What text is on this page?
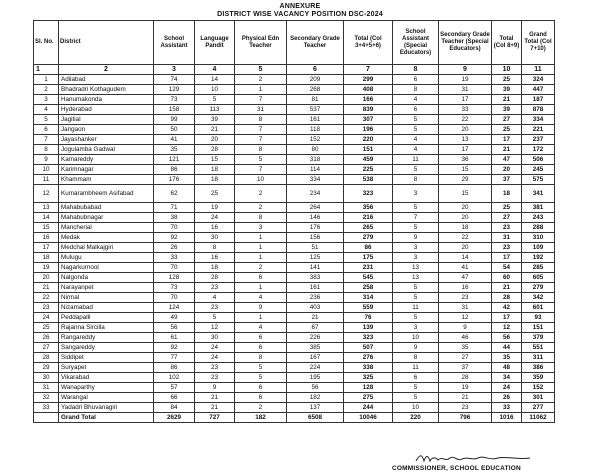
ANNEXURE
DISTRICT WISE VACANCY POSITION DSC-2024
Sl. No.	District	School Assistant	Language Pandit	Physical Edn Teacher	Secondary Grade Teacher	Total (Col 3+4+5+6)	School Assistant (Special Educators)	Secondary Grade Teacher (Special Educators)	Total (Col 8+9)	Grand Total (Col 7+10)
1	2	3	4	5	6	7	8	9	10	11
1	Adilabad	74	14	2	209	299	6	19	25	324
2	Bhadradri Kothagudem	129	10	1	268	408	8	31	39	447
3	Hanumakonda	73	5	7	81	166	4	17	21	187
4	Hyderabad	158	113	31	537	839	6	33	39	878
5	Jagitial	99	39	8	161	307	5	22	27	334
6	Jangaon	50	21	7	118	196	5	20	25	221
7	Jayashanker	41	20	7	152	220	4	13	17	237
8	Jogulamba Gadwal	35	28	8	80	151	4	17	21	172
9	Kamareddy	121	15	5	318	459	11	36	47	506
10	Karimnagar	86	18	7	114	225	5	15	20	245
11	Khammam	176	18	10	334	538	8	29	37	575
12	Kumarambheem Asifabad	62	25	2	234	323	3	15	18	341
13	Mahabubabad	71	19	2	264	356	5	20	25	381
14	Mahabubnagar	38	24	8	146	216	7	20	27	243
15	Mancherial	70	16	3	176	265	5	18	23	288
16	Medak	92	30	1	156	279	9	22	31	310
17	Medchal Malkajgiri	26	8	1	51	86	3	20	23	109
18	Mulugu	33	16	1	125	175	3	14	17	192
19	Nagarkurnool	70	18	2	141	231	13	41	54	285
20	Nalgonda	128	28	6	383	545	13	47	60	605
21	Narayanpet	73	23	1	161	258	5	16	21	279
22	Nirmal	70	4	4	236	314	5	23	28	342
23	Nizamabad	124	23	9	403	559	11	31	42	601
24	Peddapalli	49	5	1	21	76	5	12	17	93
25	Rajanna Sircilla	56	12	4	67	139	3	9	12	151
26	Rangareddy	61	30	6	226	323	10	46	56	379
27	Sangareddy	92	24	6	385	507	9	35	44	551
28	Siddipet	77	24	8	167	276	8	27	35	311
29	Suryapet	86	23	5	224	338	11	37	48	386
30	Vikarabad	102	23	5	195	325	6	28	34	359
31	Wanaparthy	57	9	6	56	128	5	19	24	152
32	Warangal	66	21	6	182	275	5	21	26	301
33	Yadadri Bhuvanagiri	84	21	2	137	244	10	23	33	277
	Grand Total	2629	727	182	6508	10046	220	796	1016	11062
COMMISSIONER, SCHOOL EDUCATION
